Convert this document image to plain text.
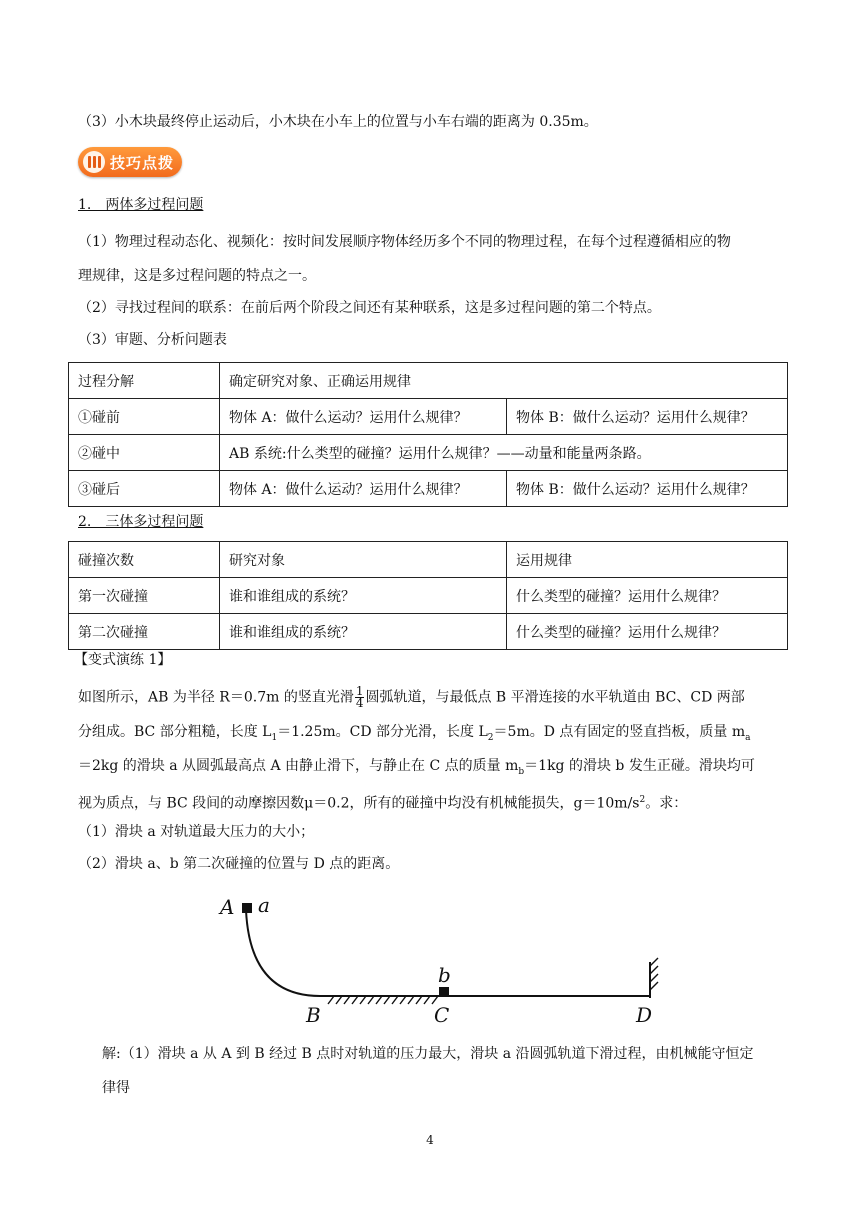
（3）小木块最终停止运动后，小木块在小车上的位置与小车右端的距离为 0.35m。
技巧点拨
1.　两体多过程问题
（1）物理过程动态化、视频化：按时间发展顺序物体经历多个不同的物理过程，在每个过程遵循相应的物
理规律，这是多过程问题的特点之一。
（2）寻找过程间的联系：在前后两个阶段之间还有某种联系，这是多过程问题的第二个特点。
（3）审题、分析问题表
过程分解	确定研究对象、正确运用规律	
①碰前	物体 A：做什么运动？运用什么规律？	物体 B：做什么运动？运用什么规律？
②碰中	AB 系统:什么类型的碰撞？运用什么规律？——动量和能量两条路。	
③碰后	物体 A：做什么运动？运用什么规律？	物体 B：做什么运动？运用什么规律？
2.　三体多过程问题
碰撞次数	研究对象	运用规律
第一次碰撞	谁和谁组成的系统？	什么类型的碰撞？运用什么规律？
第二次碰撞	谁和谁组成的系统？	什么类型的碰撞？运用什么规律？
【变式演练 1】
如图所示，AB 为半径 R＝0.7m 的竖直光滑 $\frac{1}{4}$ 圆弧轨道，与最低点 B 平滑连接的水平轨道由 BC、CD 两部
分组成。BC 部分粗糙，长度 $L_1=1.25m$。CD 部分光滑，长度 $L_2=5m$。D 点有固定的竖直挡板，质量 $m_a$
＝2kg 的滑块 a 从圆弧最高点 A 由静止滑下，与静止在 C 点的质量 $m_b=1kg$ 的滑块 b 发生正碰。滑块均可
视为质点，与 BC 段间的动摩擦因数μ＝0.2，所有的碰撞中均没有机械能损失，$g=10m/s^2$。求：
（1）滑块 a 对轨道最大压力的大小；
（2）滑块 a、b 第二次碰撞的位置与 D 点的距离。
A a
b
B	C	D
解:（1）滑块 a 从 A 到 B 经过 B 点时对轨道的压力最大，滑块 a 沿圆弧轨道下滑过程，由机械能守恒定
律得
4
